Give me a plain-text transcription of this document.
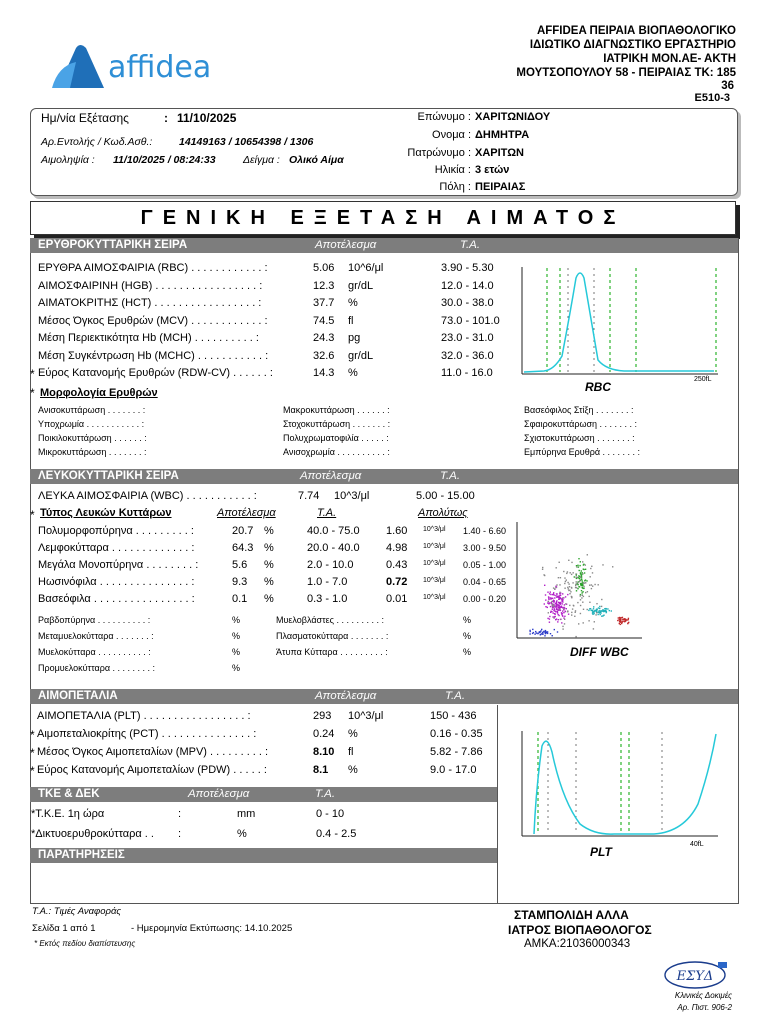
affidea
AFFIDEA ΠΕΙΡΑΙΑ ΒΙΟΠΑΘΟΛΟΓΙΚΟ
ΙΔΙΩΤΙΚΟ ΔΙΑΓΝΩΣΤΙΚΟ ΕΡΓΑΣΤΗΡΙΟ
ΙΑΤΡΙΚΗ ΜΟΝ.ΑΕ- ΑΚΤΗ
ΜΟΥΤΣΟΠΟΥΛΟΥ 58 - ΠΕΙΡΑΙΑΣ ΤΚ: 185
36
E510-3
Ημ/νία Εξέτασης	: 11/10/2025
Αρ.Εντολής / Κωδ.Ασθ.:	14149163 / 10654398 / 1306
Αιμοληψία : 11/10/2025 / 08:24:33	Δείγμα : Ολικό Αίμα
Επώνυμο : ΧΑΡΙΤΩΝΙΔΟΥ
Ονομα : ΔΗΜΗΤΡΑ
Πατρώνυμο : ΧΑΡΙΤΩΝ
Ηλικία : 3 ετών
Πόλη : ΠΕΙΡΑΙΑΣ
ΓΕΝΙΚΗ ΕΞΕΤΑΣΗ ΑΙΜΑΤΟΣ
ΕΡΥΘΡΟΚΥΤΤΑΡΙΚΗ ΣΕΙΡΑ	Αποτέλεσμα	Τ.Α.
ΕΡΥΘΡΑ ΑΙΜΟΣΦΑΙΡΙΑ (RBC) . . . . . . . . . . . . :	5.06 10^6/μl	3.90 - 5.30
ΑΙΜΟΣΦΑΙΡΙΝΗ (HGB) . . . . . . . . . . . . . . . . . :	12.3 gr/dL	12.0 - 14.0
ΑΙΜΑΤΟΚΡΙΤΗΣ (HCT) . . . . . . . . . . . . . . . . . :	37.7 %	30.0 - 38.0
Μέσος Όγκος Ερυθρών (MCV) . . . . . . . . . . . . :	74.5 fl	73.0 - 101.0
Μέση Περιεκτικότητα Hb (MCH) . . . . . . . . . . :	24.3 pg	23.0 - 31.0
Μέση Συγκέντρωση Hb (MCHC) . . . . . . . . . . . :	32.6 gr/dL	32.0 - 36.0
* Εύρος Κατανομής Ερυθρών (RDW-CV) . . . . . . :	14.3 %	11.0 - 16.0
* Μορφολογία Ερυθρών
Ανισοκυττάρωση . . . . . . . :	Μακροκυττάρωση . . . . . . :	Βασεόφιλος Στίξη . . . . . . . :
Υποχρωμία . . . . . . . . . . . :	Στοχοκυττάρωση . . . . . . . :	Σφαιροκυττάρωση . . . . . . . :
Ποικιλοκυττάρωση . . . . . . :	Πολυχρωματοφιλία . . . . . :	Σχιστοκυττάρωση . . . . . . . :
Μικροκυττάρωση . . . . . . . :	Ανισοχρωμία . . . . . . . . . . :	Εμπύρηνα Ερυθρά . . . . . . . :
250fL
RBC
ΛΕΥΚΟΚΥΤΤΑΡΙΚΗ ΣΕΙΡΑ	Αποτέλεσμα	Τ.Α.
ΛΕΥΚΑ ΑΙΜΟΣΦΑΙΡΙΑ (WBC) . . . . . . . . . . . :	7.74 10^3/μl	5.00 - 15.00
* Τύπος Λευκών Κυττάρων	Αποτέλεσμα	Τ.Α.	Απολύτως
Πολυμορφοπύρηνα . . . . . . . . . :	20.7 %	40.0 - 75.0 1.60 10^3/μl 1.40 - 6.60
Λεμφοκύτταρα . . . . . . . . . . . . . :	64.3 %	20.0 - 40.0 4.98 10^3/μl 3.00 - 9.50
Μεγάλα Μονοπύρηνα . . . . . . . . :	5.6 %	2.0 - 10.0	0.43 10^3/μl 0.05 - 1.00
Ηωσινόφιλα . . . . . . . . . . . . . . . :	9.3 %	1.0 - 7.0	0.72 10^3/μl 0.04 - 0.65
Βασεόφιλα . . . . . . . . . . . . . . . . :	0.1 %	0.3 - 1.0	0.01 10^3/μl 0.00 - 0.20
Ραβδοπύρηνα . . . . . . . . . . :	%	Μυελοβλάστες . . . . . . . . . :	%
Μεταμυελοκύτταρα . . . . . . . :	%	Πλασματοκύτταρα . . . . . . . :	%
Μυελοκύτταρα . . . . . . . . . . :	%	Άτυπα Κύτταρα . . . . . . . . . :	%
Προμυελοκύτταρα . . . . . . . . :	%
DIFF WBC
ΑΙΜΟΠΕΤΑΛΙΑ	Αποτέλεσμα	Τ.Α.
ΑΙΜΟΠΕΤΑΛΙΑ (PLT) . . . . . . . . . . . . . . . . . :	293 10^3/μl	150 - 436
* Αιμοπεταλιοκρίτης (PCT) . . . . . . . . . . . . . . . :	0.24 %	0.16 - 0.35
* Μέσος Όγκος Αιμοπεταλίων (MPV) . . . . . . . . . :	8.10 fl	5.82 - 7.86
* Εύρος Κατανομής Αιμοπεταλίων (PDW) . . . . . :	8.1 %	9.0 - 17.0
40fL
PLT
ΤΚΕ & ΔΕΚ	Αποτέλεσμα	Τ.Α.
*Τ.Κ.Ε. 1η ώρα	:	mm	0 - 10
*Δικτυοερυθροκύτταρα . . :	%	0.4 - 2.5
ΠΑΡΑΤΗΡΗΣΕΙΣ
Τ.Α.: Τιμές Αναφοράς
Σελίδα 1 από 1	- Ημερομηνία Εκτύπωσης: 14.10.2025
* Εκτός πεδίου διαπίστευσης
ΣΤΑΜΠΟΛΙΔΗ ΑΛΛΑ
ΙΑΤΡΟΣ ΒΙΟΠΑΘΟΛΟΓΟΣ
ΑΜΚΑ:21036000343
ΕΣΥΔ
Κλινικές Δοκιμές
Αρ. Πιστ. 906-2
